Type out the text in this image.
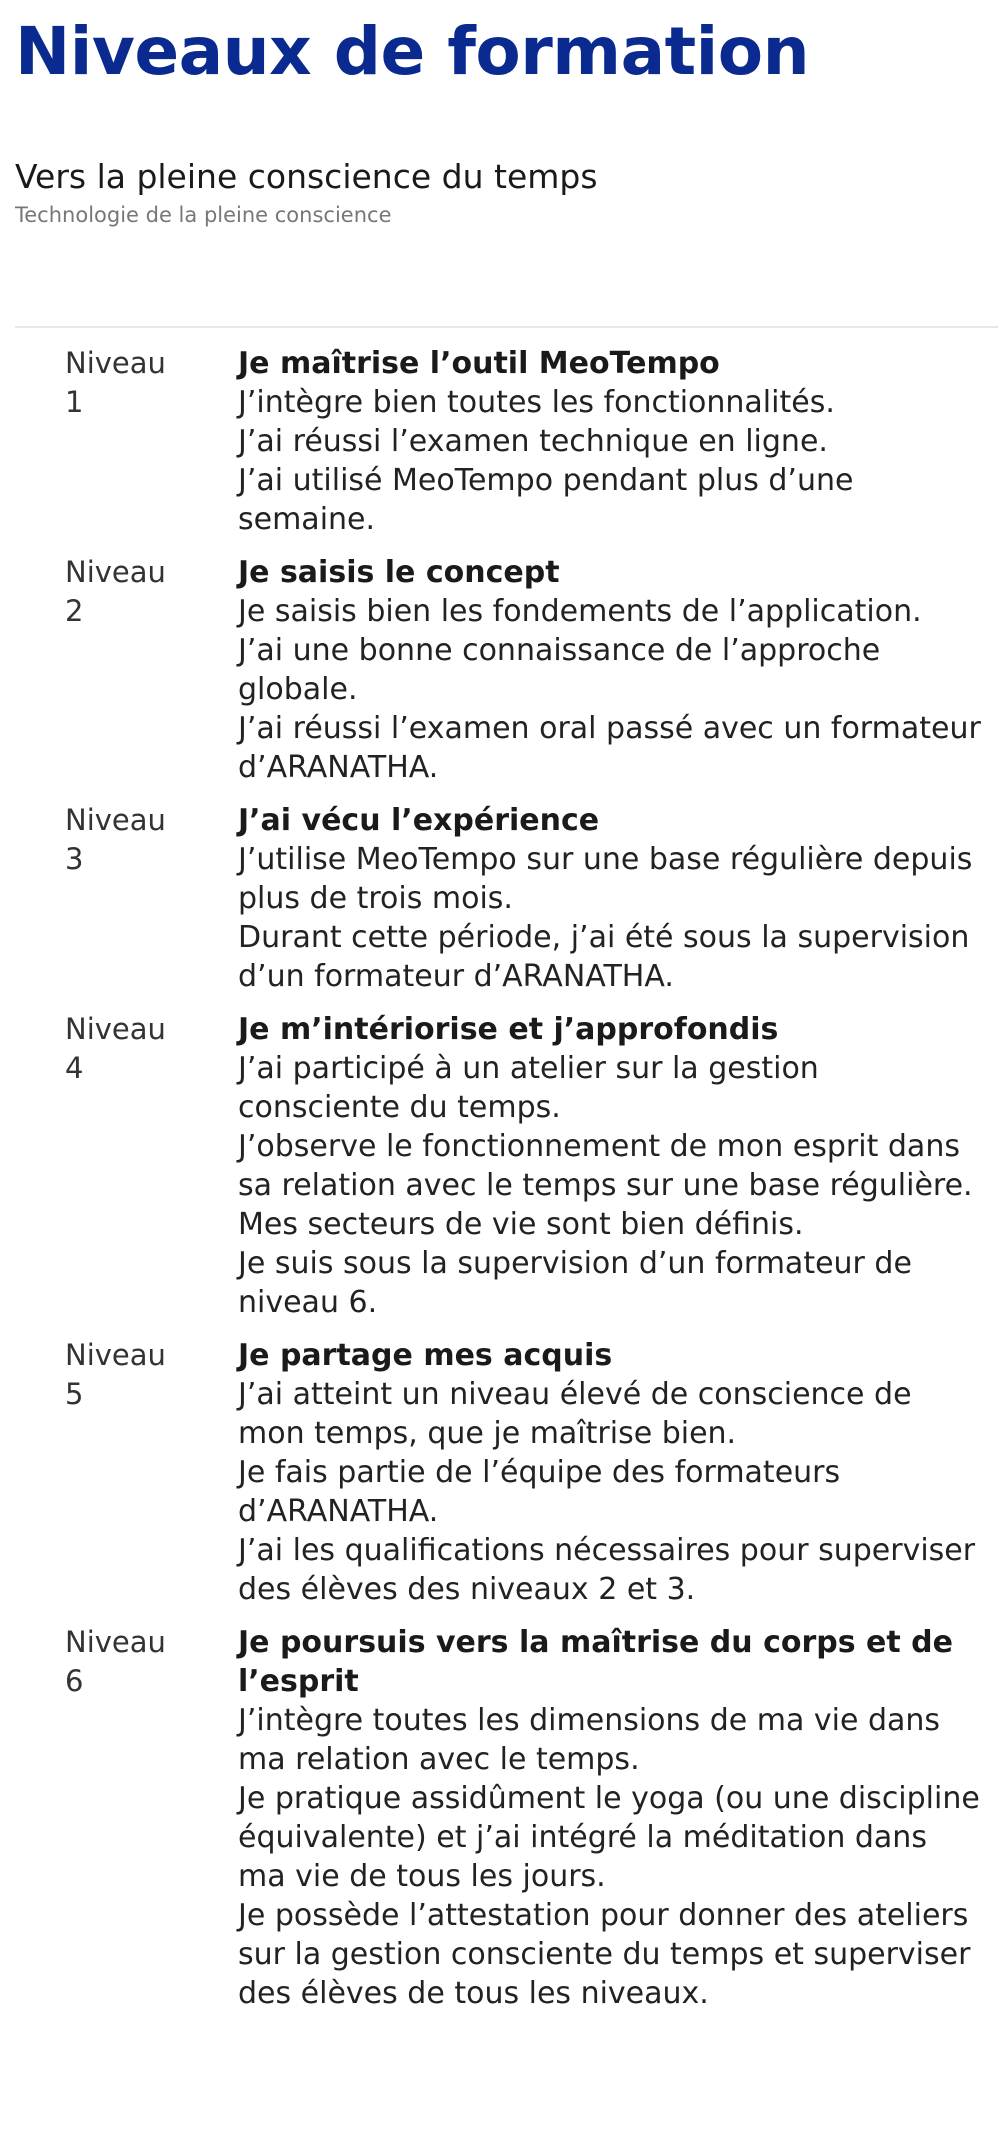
Niveaux de formation
Vers la pleine conscience du temps
Technologie de la pleine conscience
Niveau 1
Je maîtrise l’outil MeoTempo
J’intègre bien toutes les fonctionnalités.
J’ai réussi l’examen technique en ligne.
J’ai utilisé MeoTempo pendant plus d’une semaine.
Niveau 2
Je saisis le concept
Je saisis bien les fondements de l’application.
J’ai une bonne connaissance de l’approche globale.
J’ai réussi l’examen oral passé avec un formateur d’ARANATHA.
Niveau 3
J’ai vécu l’expérience
J’utilise MeoTempo sur une base régulière depuis plus de trois mois.
Durant cette période, j’ai été sous la supervision d’un formateur d’ARANATHA.
Niveau 4
Je m’intériorise et j’approfondis
J’ai participé à un atelier sur la gestion consciente du temps.
J’observe le fonctionnement de mon esprit dans sa relation avec le temps sur une base régulière.
Mes secteurs de vie sont bien définis.
Je suis sous la supervision d’un formateur de niveau 6.
Niveau 5
Je partage mes acquis
J’ai atteint un niveau élevé de conscience de mon temps, que je maîtrise bien.
Je fais partie de l’équipe des formateurs d’ARANATHA.
J’ai les qualifications nécessaires pour superviser des élèves des niveaux 2 et 3.
Niveau 6
Je poursuis vers la maîtrise du corps et de l’esprit
J’intègre toutes les dimensions de ma vie dans ma relation avec le temps.
Je pratique assidûment le yoga (ou une discipline équivalente) et j’ai intégré la méditation dans ma vie de tous les jours.
Je possède l’attestation pour donner des ateliers sur la gestion consciente du temps et superviser des élèves de tous les niveaux.
